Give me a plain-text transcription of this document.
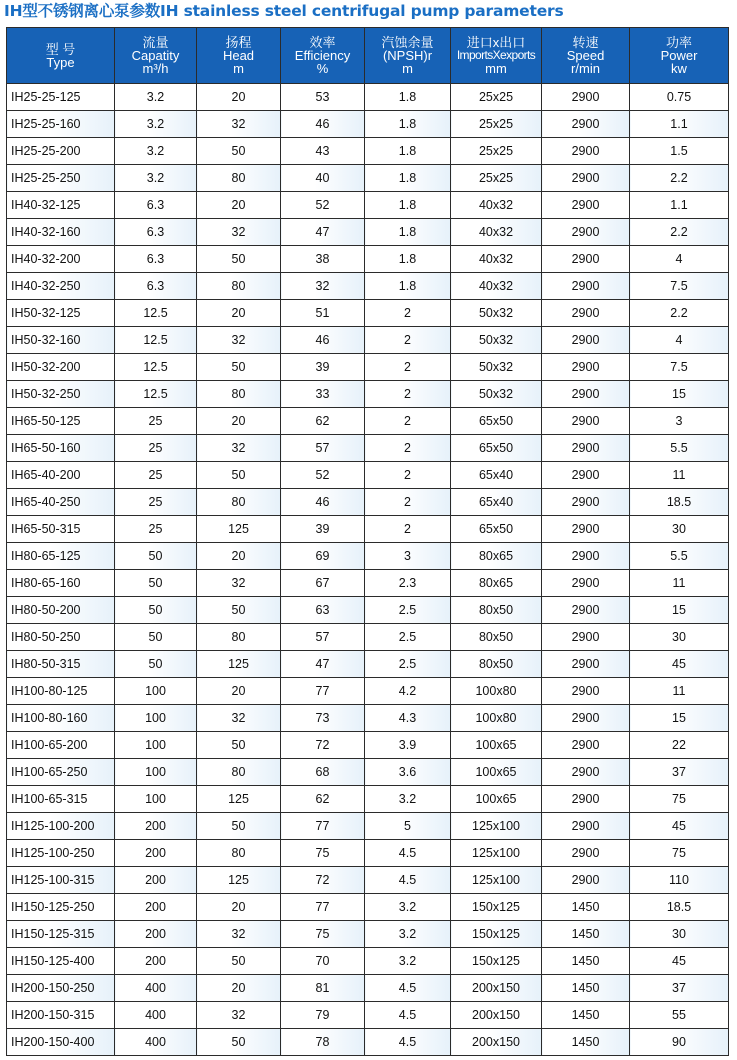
IH型不锈钢离心泵参数IH stainless steel centrifugal pump parameters
型 号
Type	流量
Capatity
m³/h	扬程
Head
m	效率
Efficiency
%	汽蚀余量
(NPSH)r
m	进口x出口
ImportsXexports
mm	转速
Speed
r/min	功率
Power
kw

IH25-25-125	3.2	20	53	1.8	25x25	2900	0.75
IH25-25-160	3.2	32	46	1.8	25x25	2900	1.1
IH25-25-200	3.2	50	43	1.8	25x25	2900	1.5
IH25-25-250	3.2	80	40	1.8	25x25	2900	2.2
IH40-32-125	6.3	20	52	1.8	40x32	2900	1.1
IH40-32-160	6.3	32	47	1.8	40x32	2900	2.2
IH40-32-200	6.3	50	38	1.8	40x32	2900	4
IH40-32-250	6.3	80	32	1.8	40x32	2900	7.5
IH50-32-125	12.5	20	51	2	50x32	2900	2.2
IH50-32-160	12.5	32	46	2	50x32	2900	4
IH50-32-200	12.5	50	39	2	50x32	2900	7.5
IH50-32-250	12.5	80	33	2	50x32	2900	15
IH65-50-125	25	20	62	2	65x50	2900	3
IH65-50-160	25	32	57	2	65x50	2900	5.5
IH65-40-200	25	50	52	2	65x40	2900	11
IH65-40-250	25	80	46	2	65x40	2900	18.5
IH65-50-315	25	125	39	2	65x50	2900	30
IH80-65-125	50	20	69	3	80x65	2900	5.5
IH80-65-160	50	32	67	2.3	80x65	2900	11
IH80-50-200	50	50	63	2.5	80x50	2900	15
IH80-50-250	50	80	57	2.5	80x50	2900	30
IH80-50-315	50	125	47	2.5	80x50	2900	45
IH100-80-125	100	20	77	4.2	100x80	2900	11
IH100-80-160	100	32	73	4.3	100x80	2900	15
IH100-65-200	100	50	72	3.9	100x65	2900	22
IH100-65-250	100	80	68	3.6	100x65	2900	37
IH100-65-315	100	125	62	3.2	100x65	2900	75
IH125-100-200	200	50	77	5	125x100	2900	45
IH125-100-250	200	80	75	4.5	125x100	2900	75
IH125-100-315	200	125	72	4.5	125x100	2900	110
IH150-125-250	200	20	77	3.2	150x125	1450	18.5
IH150-125-315	200	32	75	3.2	150x125	1450	30
IH150-125-400	200	50	70	3.2	150x125	1450	45
IH200-150-250	400	20	81	4.5	200x150	1450	37
IH200-150-315	400	32	79	4.5	200x150	1450	55
IH200-150-400	400	50	78	4.5	200x150	1450	90
